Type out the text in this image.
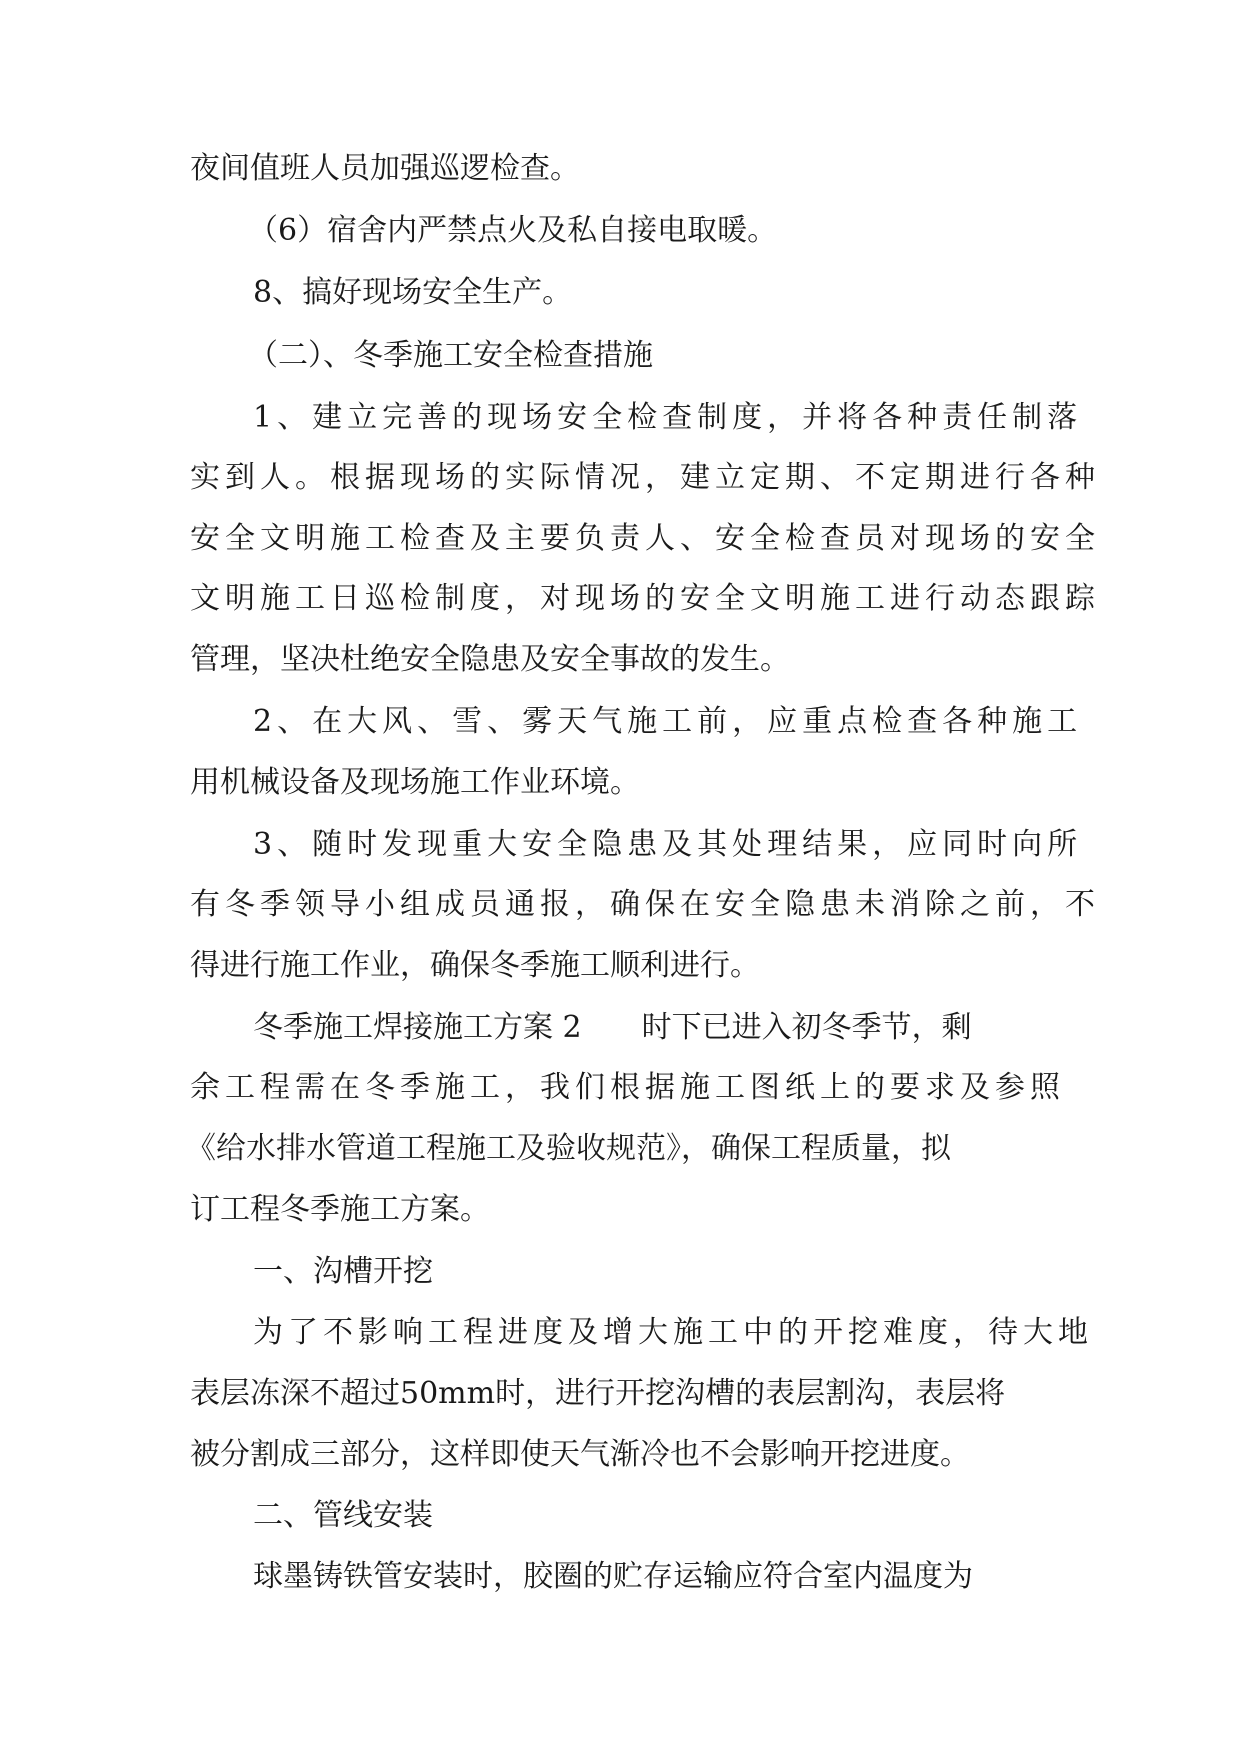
夜间值班人员加强巡逻检查。
（6）宿舍内严禁点火及私自接电取暖。
8、搞好现场安全生产。
（二）、冬季施工安全检查措施
1、建立完善的现场安全检查制度，并将各种责任制落
实到人。根据现场的实际情况，建立定期、不定期进行各种
安全文明施工检查及主要负责人、安全检查员对现场的安全
文明施工日巡检制度，对现场的安全文明施工进行动态跟踪
管理，坚决杜绝安全隐患及安全事故的发生。
2、在大风、雪、雾天气施工前，应重点检查各种施工
用机械设备及现场施工作业环境。
3、随时发现重大安全隐患及其处理结果，应同时向所
有冬季领导小组成员通报，确保在安全隐患未消除之前，不
得进行施工作业，确保冬季施工顺利进行。
冬季施工焊接施工方案 2　　时下已进入初冬季节，剩
余工程需在冬季施工，我们根据施工图纸上的要求及参照
《给水排水管道工程施工及验收规范》，确保工程质量，拟
订工程冬季施工方案。
一、沟槽开挖
为了不影响工程进度及增大施工中的开挖难度，待大地
表层冻深不超过50mm时，进行开挖沟槽的表层割沟，表层将
被分割成三部分，这样即使天气渐冷也不会影响开挖进度。
二、管线安装
球墨铸铁管安装时，胶圈的贮存运输应符合室内温度为
